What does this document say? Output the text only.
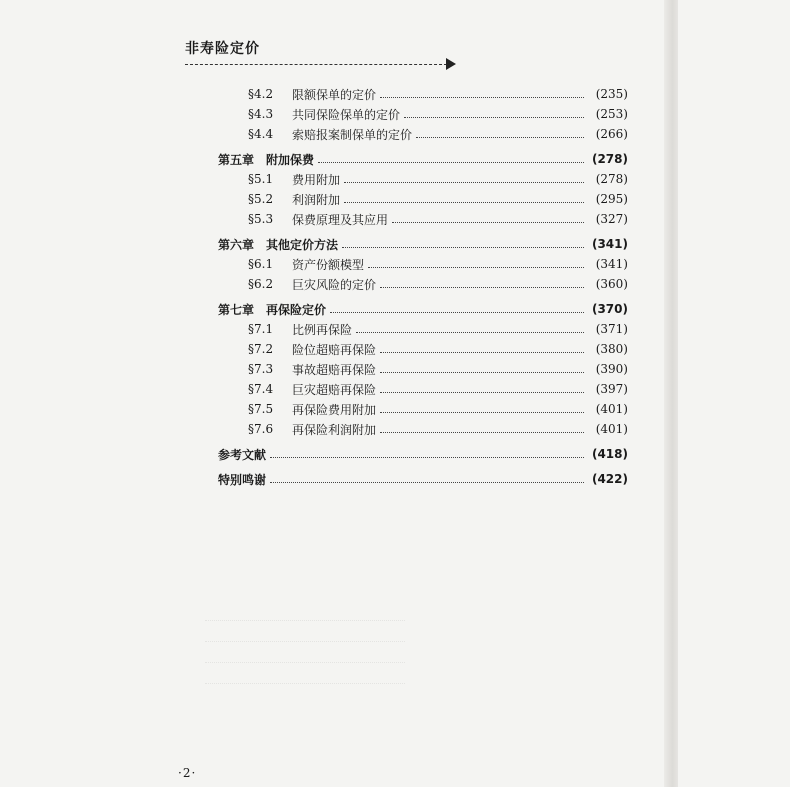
非寿险定价
§4.2	限额保单的定价	(235)
§4.3	共同保险保单的定价	(253)
§4.4	索赔报案制保单的定价	(266)
第五章 附加保费	(278)
§5.1	费用附加	(278)
§5.2	利润附加	(295)
§5.3	保费原理及其应用	(327)
第六章 其他定价方法	(341)
§6.1	资产份额模型	(341)
§6.2	巨灾风险的定价	(360)
第七章 再保险定价	(370)
§7.1	比例再保险	(371)
§7.2	险位超赔再保险	(380)
§7.3	事故超赔再保险	(390)
§7.4	巨灾超赔再保险	(397)
§7.5	再保险费用附加	(401)
§7.6	再保险利润附加	(401)
参考文献	(418)
特别鸣谢	(422)
·2·
